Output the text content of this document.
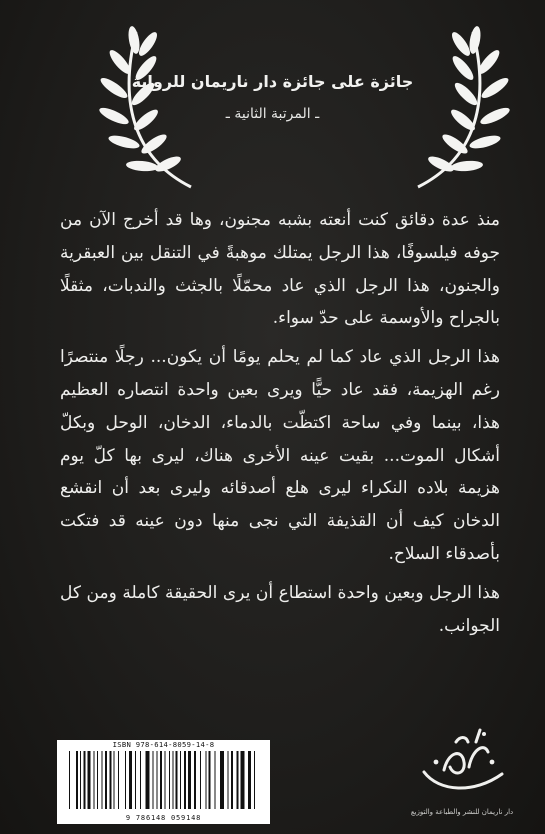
جائزة على جائزة دار ناريمان للرواية
ـ المرتبة الثانية ـ

منذ عدة دقائق كنت أنعته بشبه مجنون، وها قد أخرج الآن من جوفه فيلسوفًا، هذا الرجل يمتلك موهبةً في التنقل بين العبقرية والجنون، هذا الرجل الذي عاد محمّلًا بالجثث والندبات، مثقلًا بالجراح والأوسمة على حدّ سواء.

هذا الرجل الذي عاد كما لم يحلم يومًا أن يكون... رجلًا منتصرًا رغم الهزيمة، فقد عاد حيًّا ويرى بعين واحدة انتصاره العظيم هذا، بينما وفي ساحة اكتظّت بالدماء، الدخان، الوحل وبكلّ أشكال الموت... بقيت عينه الأخرى هناك، ليرى بها كلّ يوم هزيمة بلاده النكراء ليرى هلع أصدقائه وليرى بعد أن انقشع الدخان كيف أن القذيفة التي نجى منها دون عينه قد فتكت بأصدقاء السلاح.

هذا الرجل وبعين واحدة استطاع أن يرى الحقيقة كاملة ومن كل الجوانب.

ISBN 978-614-8059-14-8
9 786148 059148
دار ناريمان للنشر والطباعة والتوزيع
